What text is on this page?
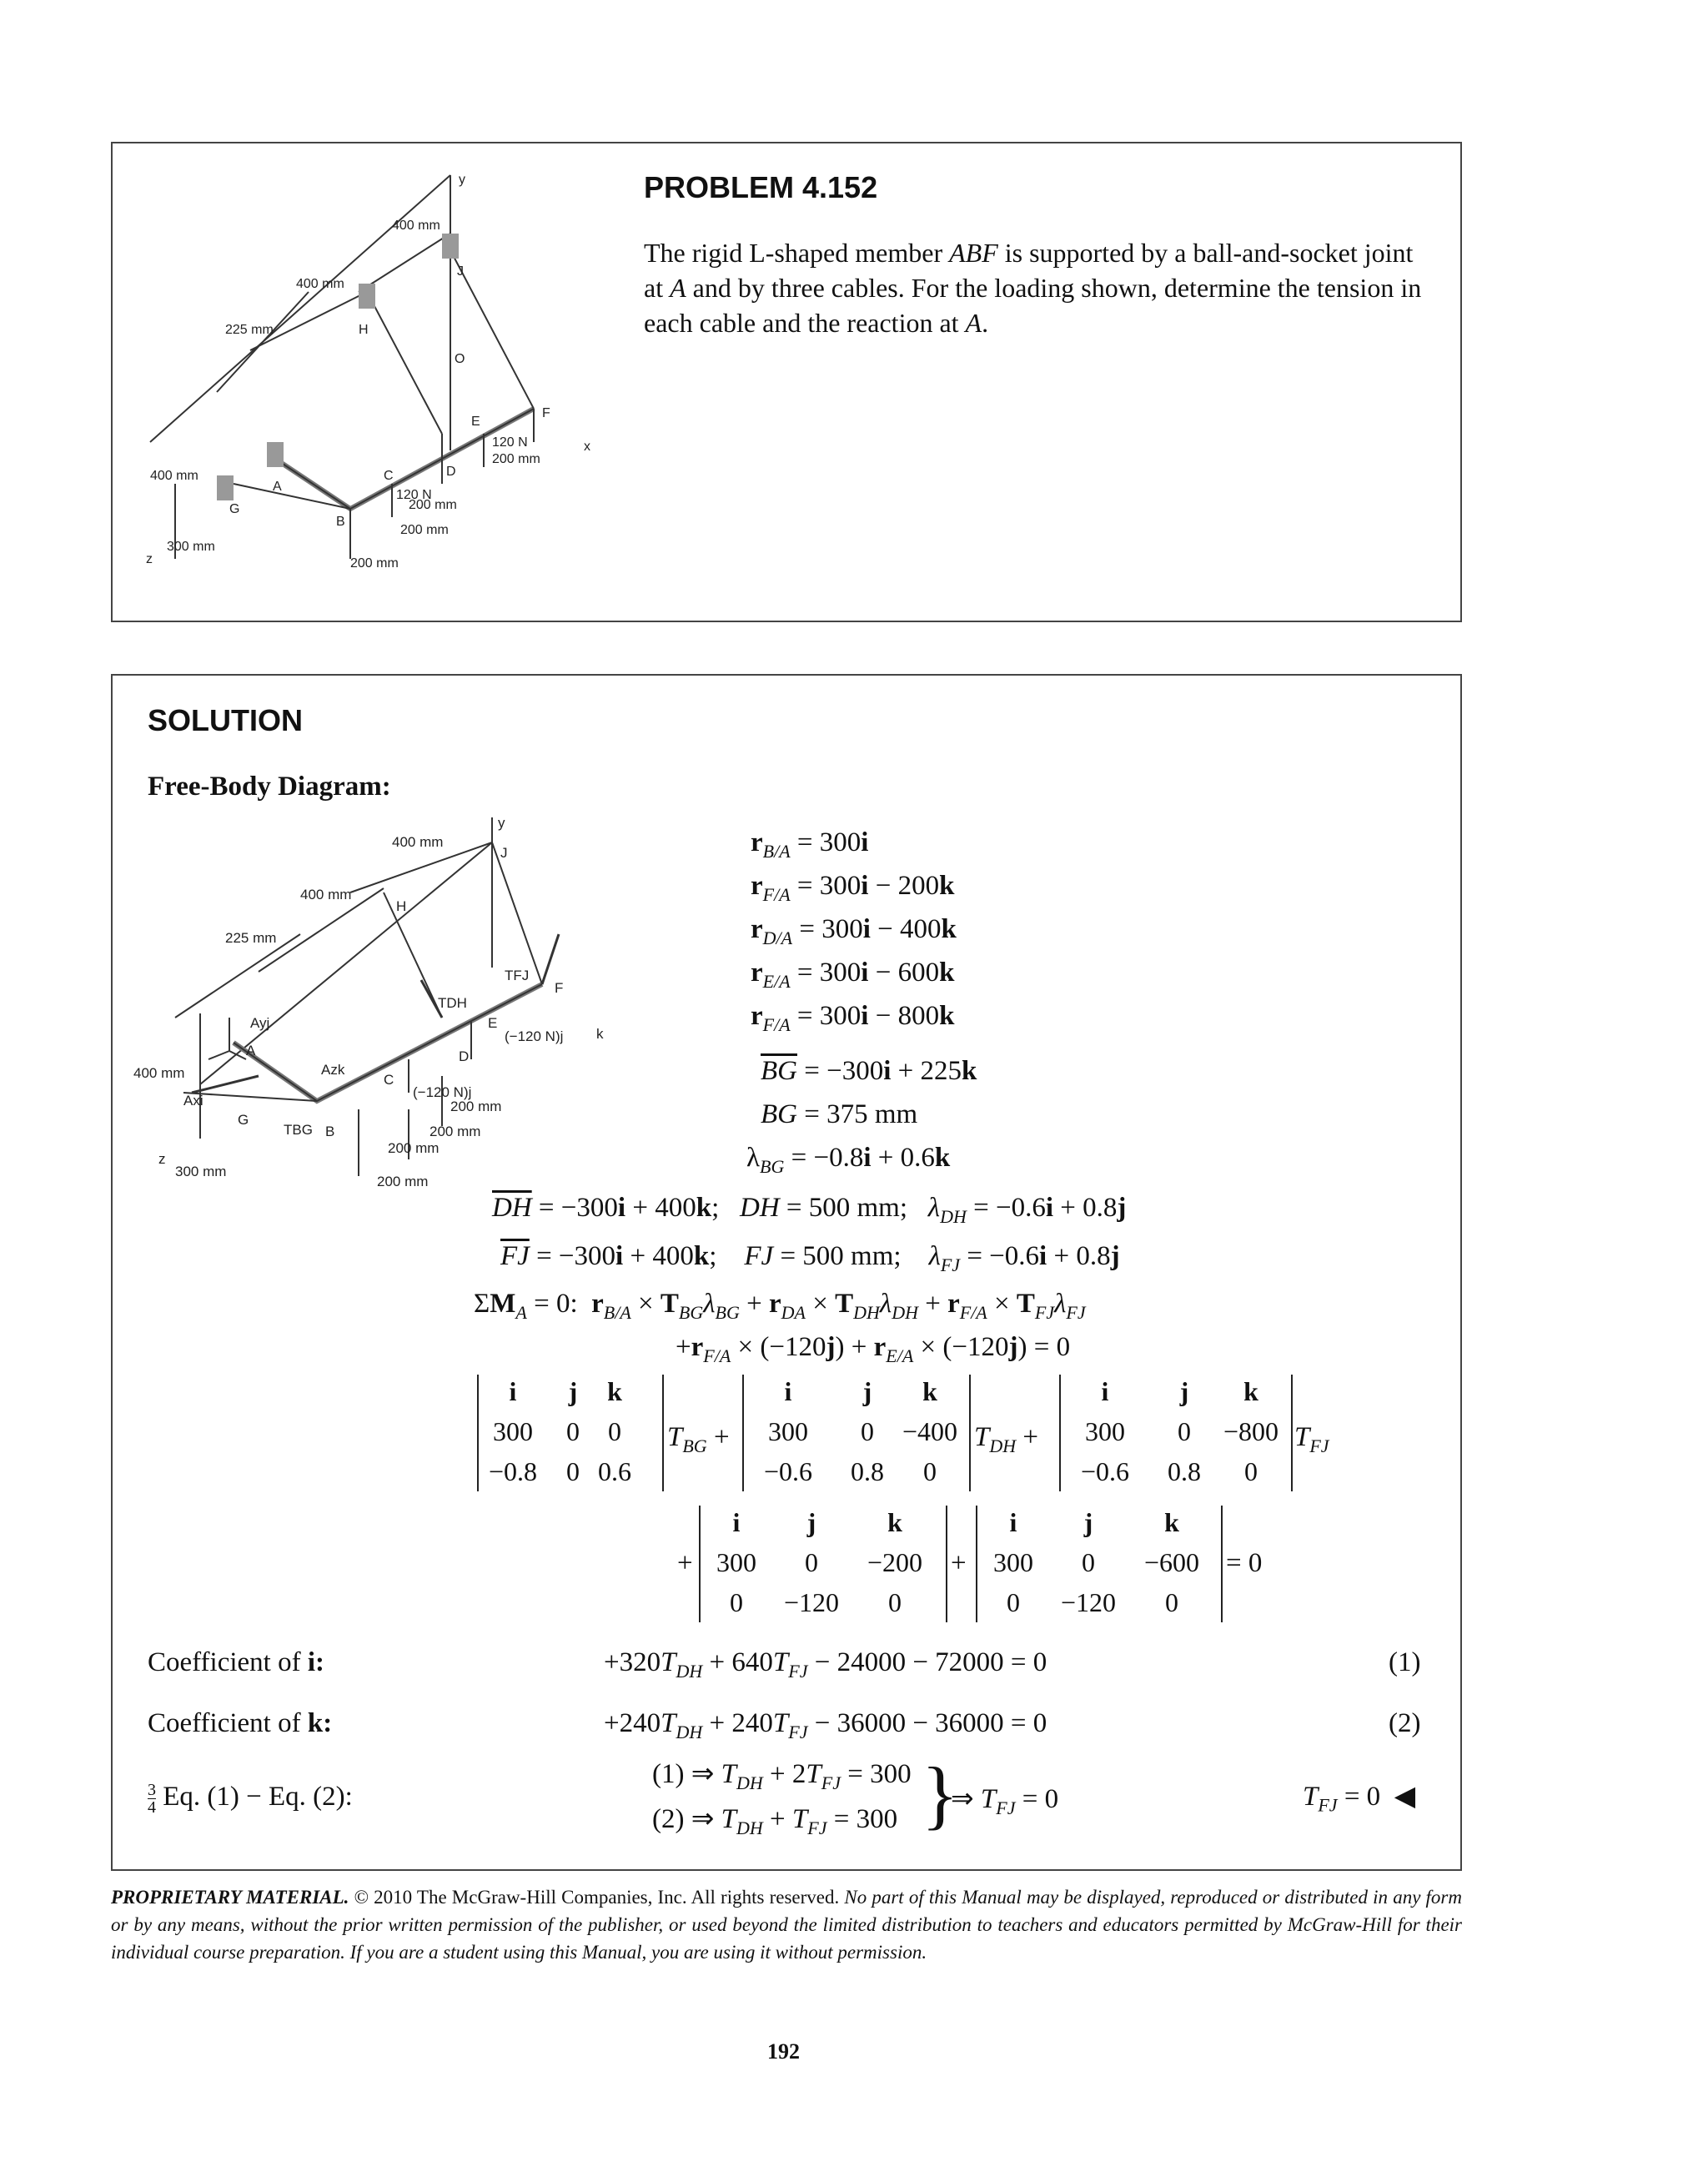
y
400 mm
400 mm
225 mm
400 mm
300 mm
200 mm
200 mm
200 mm
200 mm
120 N
120 N
A
B
C	D
E
F
G
H
J
O
x
z
PROBLEM 4.152
The rigid L-shaped member ABF is supported by a ball-and-socket joint at A and by three cables. For the loading shown, determine the tension in each cable and the reaction at A.
SOLUTION
Free-Body Diagram:
y
J
H
F
E
D
C
B
G
A
k
z
400 mm
400 mm
225 mm
400 mm
300 mm
200 mm
200 mm
200 mm
200 mm
(−120 N)j
(−120 N)j
TFJ
TDH
TBG
Ayj
Azk
Axi
$r_{B/A} = 300i$
$r_{F/A} = 300i - 200k$
$r_{D/A} = 300i - 400k$
$r_{E/A} = 300i - 600k$
$r_{F/A} = 300i - 800k$
$\overline{BG} = -300i + 225k$
BG = 375 mm
$\lambda_{BG} = -0.8i + 0.6k$
$\overline{DH} = -300i + 400k$;   DH = 500 mm;   $\lambda_{DH} = -0.6i + 0.8j$
$\overline{FJ} = -300i + 400k$;    FJ = 500 mm;    $\lambda_{FJ} = -0.6i + 0.8j$
$\Sigma M_A = 0$:  $r_{B/A} \times T_{BG}\lambda_{BG} + r_{DA} \times T_{DH}\lambda_{DH} + r_{F/A} \times T_{FJ}\lambda_{FJ}$
$+r_{F/A} \times (-120j) + r_{E/A} \times (-120j) = 0$
$T_{BG}$ +	$T_{DH}$ +	$T_{FJ}$
+	+	= 0
Coefficient of i:	$+320T_{DH} + 640T_{FJ} - 24000 - 72000 = 0$	(1)
Coefficient of k:	$+240T_{DH} + 240T_{FJ} - 36000 - 36000 = 0$	(2)
$\frac{3}{4} Eq$. (1) − Eq. (2):
(1) ⇒ $T_{DH} + 2T_{FJ} = 300$
(2) ⇒ $T_{DH} + T_{FJ} = 300$ }
⇒ $T_{FJ} = 0$	$T_{FJ} = 0$ ◀
PROPRIETARY MATERIAL. © 2010 The McGraw-Hill Companies, Inc. All rights reserved. No part of this Manual may be displayed, reproduced or distributed in any form or by any means, without the prior written permission of the publisher, or used beyond the limited distribution to teachers and educators permitted by McGraw-Hill for their individual course preparation. If you are a student using this Manual, you are using it without permission.
192
i	j	k
300	0	0
−0.8	0 0.6
i	j	k
300	0	−400
−0.6	0.8	0
i	j	k
300	0	−800
−0.6	0.8	0
i	j	k
300	0	−200
0	−120	0
i	j	k
300	0	−600
0	−120	0
